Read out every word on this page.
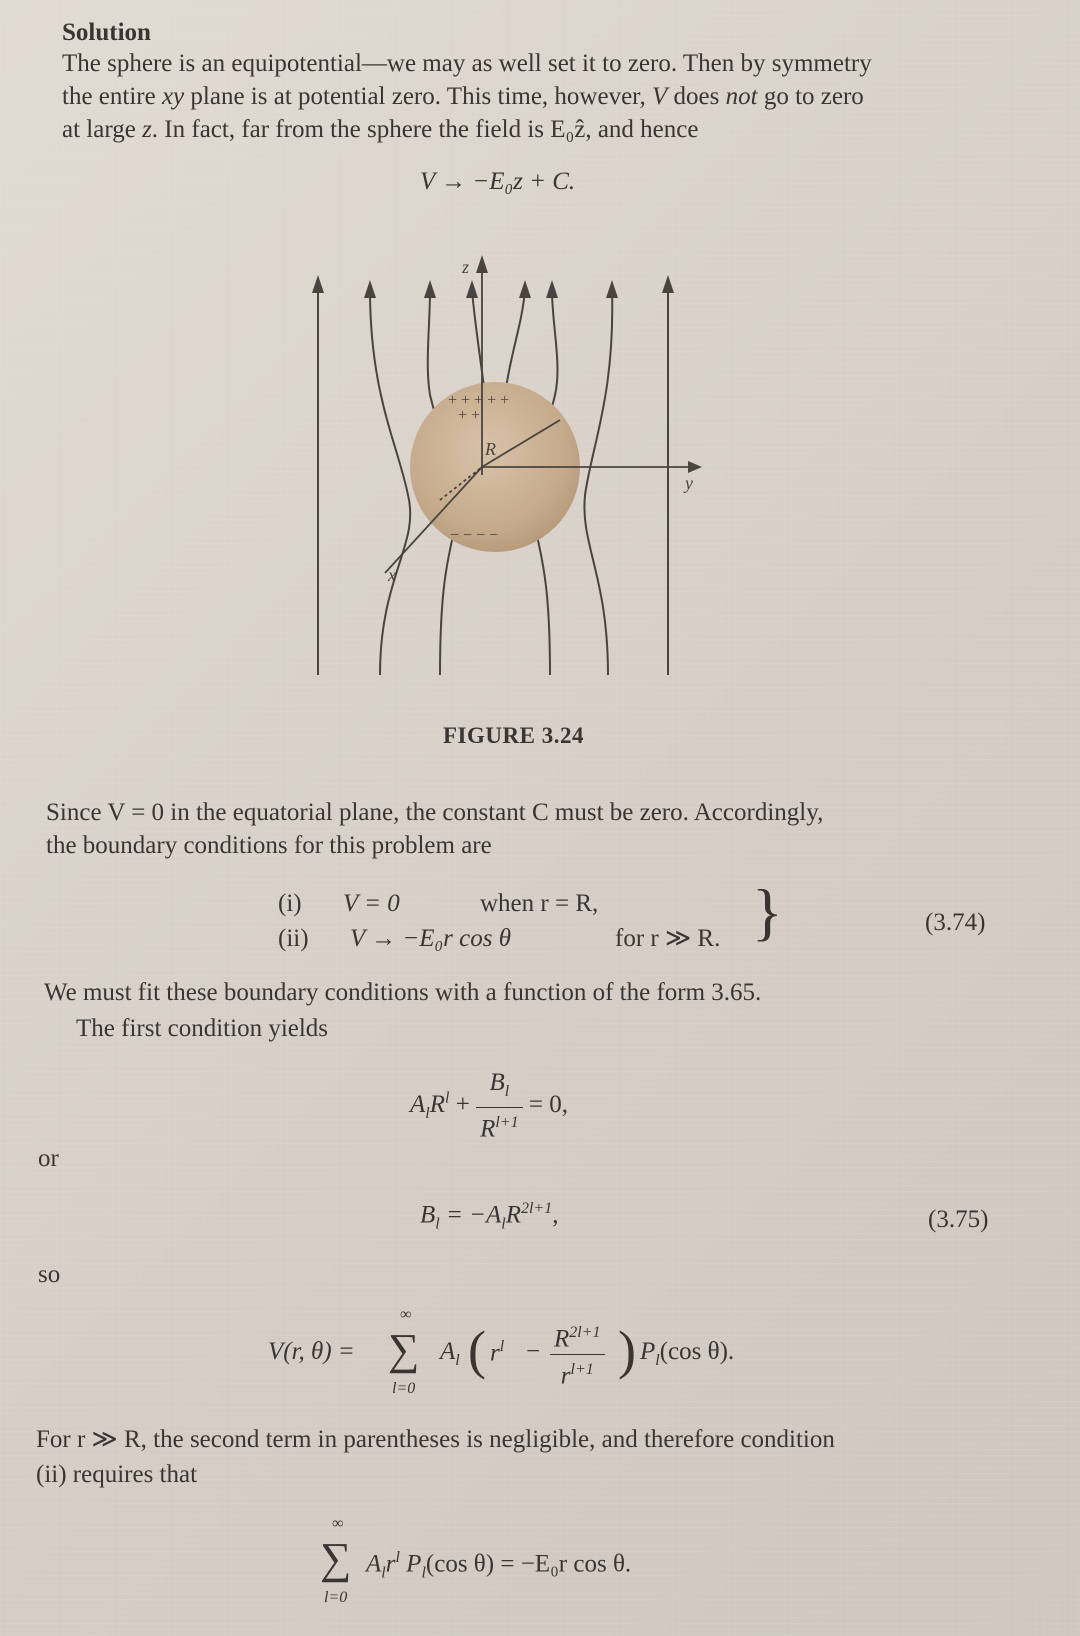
Solution
The sphere is an equipotential—we may as well set it to zero. Then by symmetry
the entire xy plane is at potential zero. This time, however, V does not go to zero
at large z. In fact, far from the sphere the field is E₀ẑ, and hence
V → −E₀z + C.
z
y
x
R
+ + + + +
+ +
− − − −
FIGURE 3.24
Since V = 0 in the equatorial plane, the constant C must be zero. Accordingly,
the boundary conditions for this problem are
(i) V = 0	when r = R,
(ii) V → −E₀r cos θ	for r ≫ R. }	(3.74)
We must fit these boundary conditions with a function of the form 3.65.
The first condition yields
$A_lR^l + \frac{B_l}{R^{l+1}} = 0$,
or
$B_l = -A_lR^{2l+1}$,	(3.75)
so
V(r, θ) =
∞
∑
l=0
$A_l$ ( $r^l - \frac{R^{2l+1}}{r^{l+1}}$ ) $P_l(\cos$ θ).
For r ≫ R, the second term in parentheses is negligible, and therefore condition
(ii) requires that
∞
∑
l=0
$A_lr^l$ $P_l(\cos$ θ) = −E₀r cos θ.
